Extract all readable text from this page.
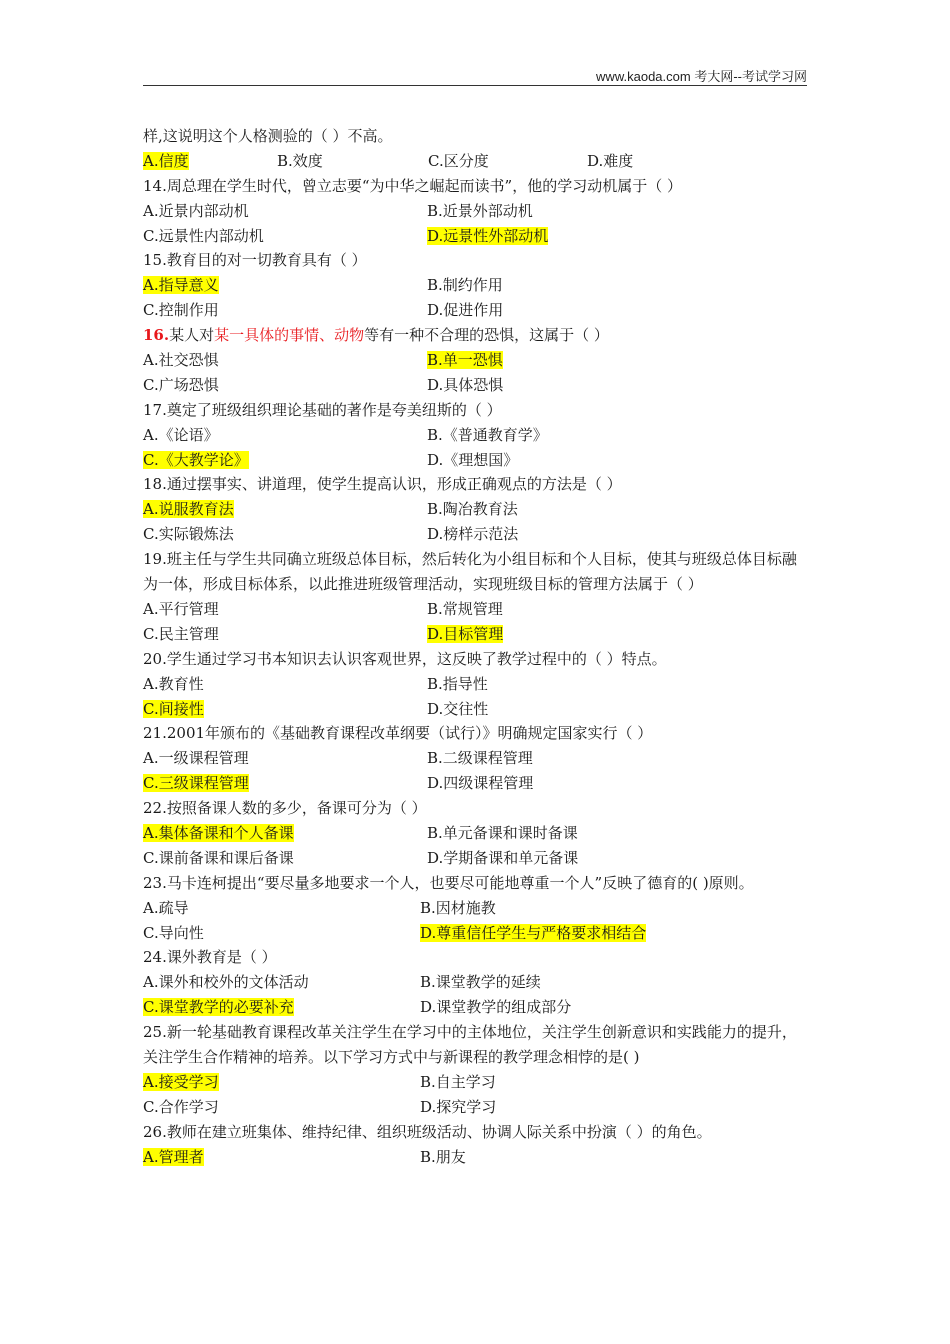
www.kaoda.com 考大网--考试学习网
样,这说明这个人格测验的（ ）不高。
A.信度	B.效度	C.区分度	D.难度
14.周总理在学生时代，曾立志要“为中华之崛起而读书”，他的学习动机属于（ ）
A.近景内部动机	B.近景外部动机
C.远景性内部动机	D.远景性外部动机
15.教育目的对一切教育具有（ ）
A.指导意义	B.制约作用
C.控制作用	D.促进作用
16.某人对某一具体的事情、动物等有一种不合理的恐惧，这属于（ ）
A.社交恐惧	B.单一恐惧
C.广场恐惧	D.具体恐惧
17.奠定了班级组织理论基础的著作是夸美纽斯的（ ）
A.《论语》	B.《普通教育学》
C.《大教学论》	D.《理想国》
18.通过摆事实、讲道理，使学生提高认识，形成正确观点的方法是（ ）
A.说服教育法	B.陶冶教育法
C.实际锻炼法	D.榜样示范法
19.班主任与学生共同确立班级总体目标，然后转化为小组目标和个人目标，使其与班级总体目标融为一体，形成目标体系，以此推进班级管理活动，实现班级目标的管理方法属于（ ）
A.平行管理	B.常规管理
C.民主管理	D.目标管理
20.学生通过学习书本知识去认识客观世界，这反映了教学过程中的（ ）特点。
A.教育性	B.指导性
C.间接性	D.交往性
21.2001年颁布的《基础教育课程改革纲要（试行）》明确规定国家实行（ ）
A.一级课程管理	B.二级课程管理
C.三级课程管理	D.四级课程管理
22.按照备课人数的多少，备课可分为（ ）
A.集体备课和个人备课	B.单元备课和课时备课
C.课前备课和课后备课	D.学期备课和单元备课
23.马卡连柯提出“要尽量多地要求一个人，也要尽可能地尊重一个人”反映了德育的( )原则。
A.疏导	B.因材施教
C.导向性	D.尊重信任学生与严格要求相结合
24.课外教育是（ ）
A.课外和校外的文体活动	B.课堂教学的延续
C.课堂教学的必要补充	D.课堂教学的组成部分
25.新一轮基础教育课程改革关注学生在学习中的主体地位，关注学生创新意识和实践能力的提升，关注学生合作精神的培养。以下学习方式中与新课程的教学理念相悖的是( )
A.接受学习	B.自主学习
C.合作学习	D.探究学习
26.教师在建立班集体、维持纪律、组织班级活动、协调人际关系中扮演（ ）的角色。
A.管理者	B.朋友
